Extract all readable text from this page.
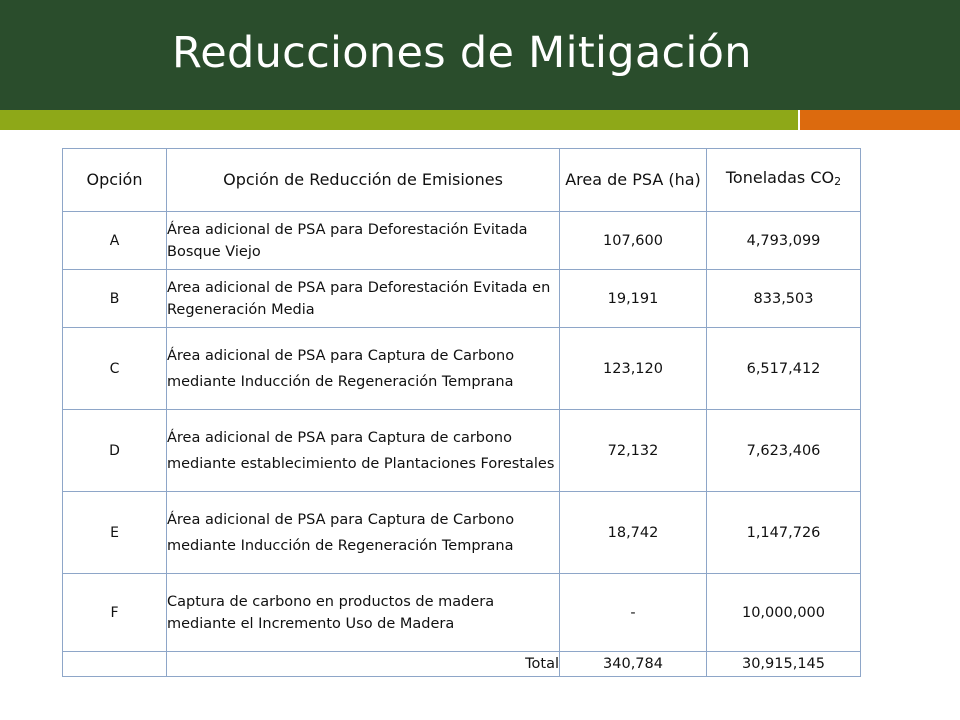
Reducciones de Mitigación
Opción	Opción de Reducción de Emisiones	Area de PSA (ha)	Toneladas $CO_2$
A	Área adicional de PSA para Deforestación Evitada Bosque Viejo	107,600	4,793,099
B	Area adicional de PSA para Deforestación Evitada en Regeneración Media	19,191	833,503
C	Área adicional de PSA para Captura de Carbono mediante Inducción de Regeneración Temprana	123,120	6,517,412
D	Área adicional de PSA para Captura de carbono mediante establecimiento de Plantaciones Forestales	72,132	7,623,406
E	Área adicional de PSA para Captura de Carbono mediante Inducción de Regeneración Temprana	18,742	1,147,726
F	Captura de carbono en productos de madera mediante el Incremento Uso de Madera	-	10,000,000
	Total	340,784	30,915,145
